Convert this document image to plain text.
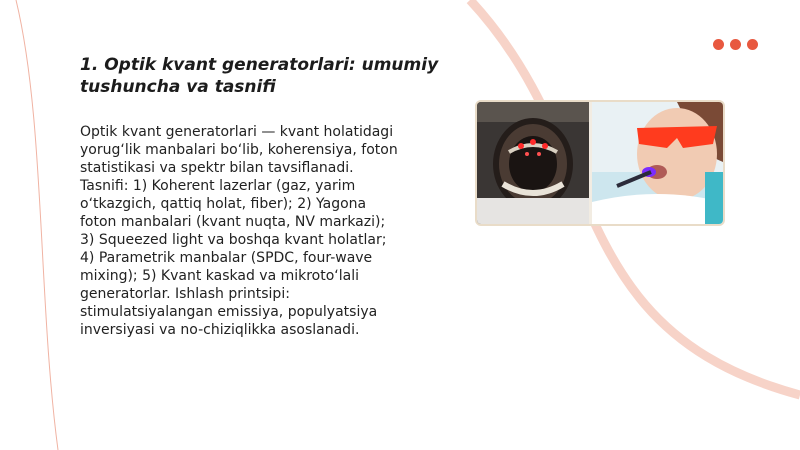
1. Optik kvant generatorlari: umumiy tushuncha va tasnifi

Optik kvant generatorlari — kvant holatidagi
yorug‘lik manbalari bo‘lib, koherensiya, foton
statistikasi va spektr bilan tavsiflanadi.
Tasnifi: 1) Koherent lazerlar (gaz, yarim
o‘tkazgich, qattiq holat, fiber); 2) Yagona
foton manbalari (kvant nuqta, NV markazi);
3) Squeezed light va boshqa kvant holatlar;
4) Parametrik manbalar (SPDC, four-wave
mixing); 5) Kvant kaskad va mikroto‘lali
generatorlar. Ishlash printsipi:
stimulatsiyalangan emissiya, populyatsiya
inversiyasi va no-chiziqlikka asoslanadi.
